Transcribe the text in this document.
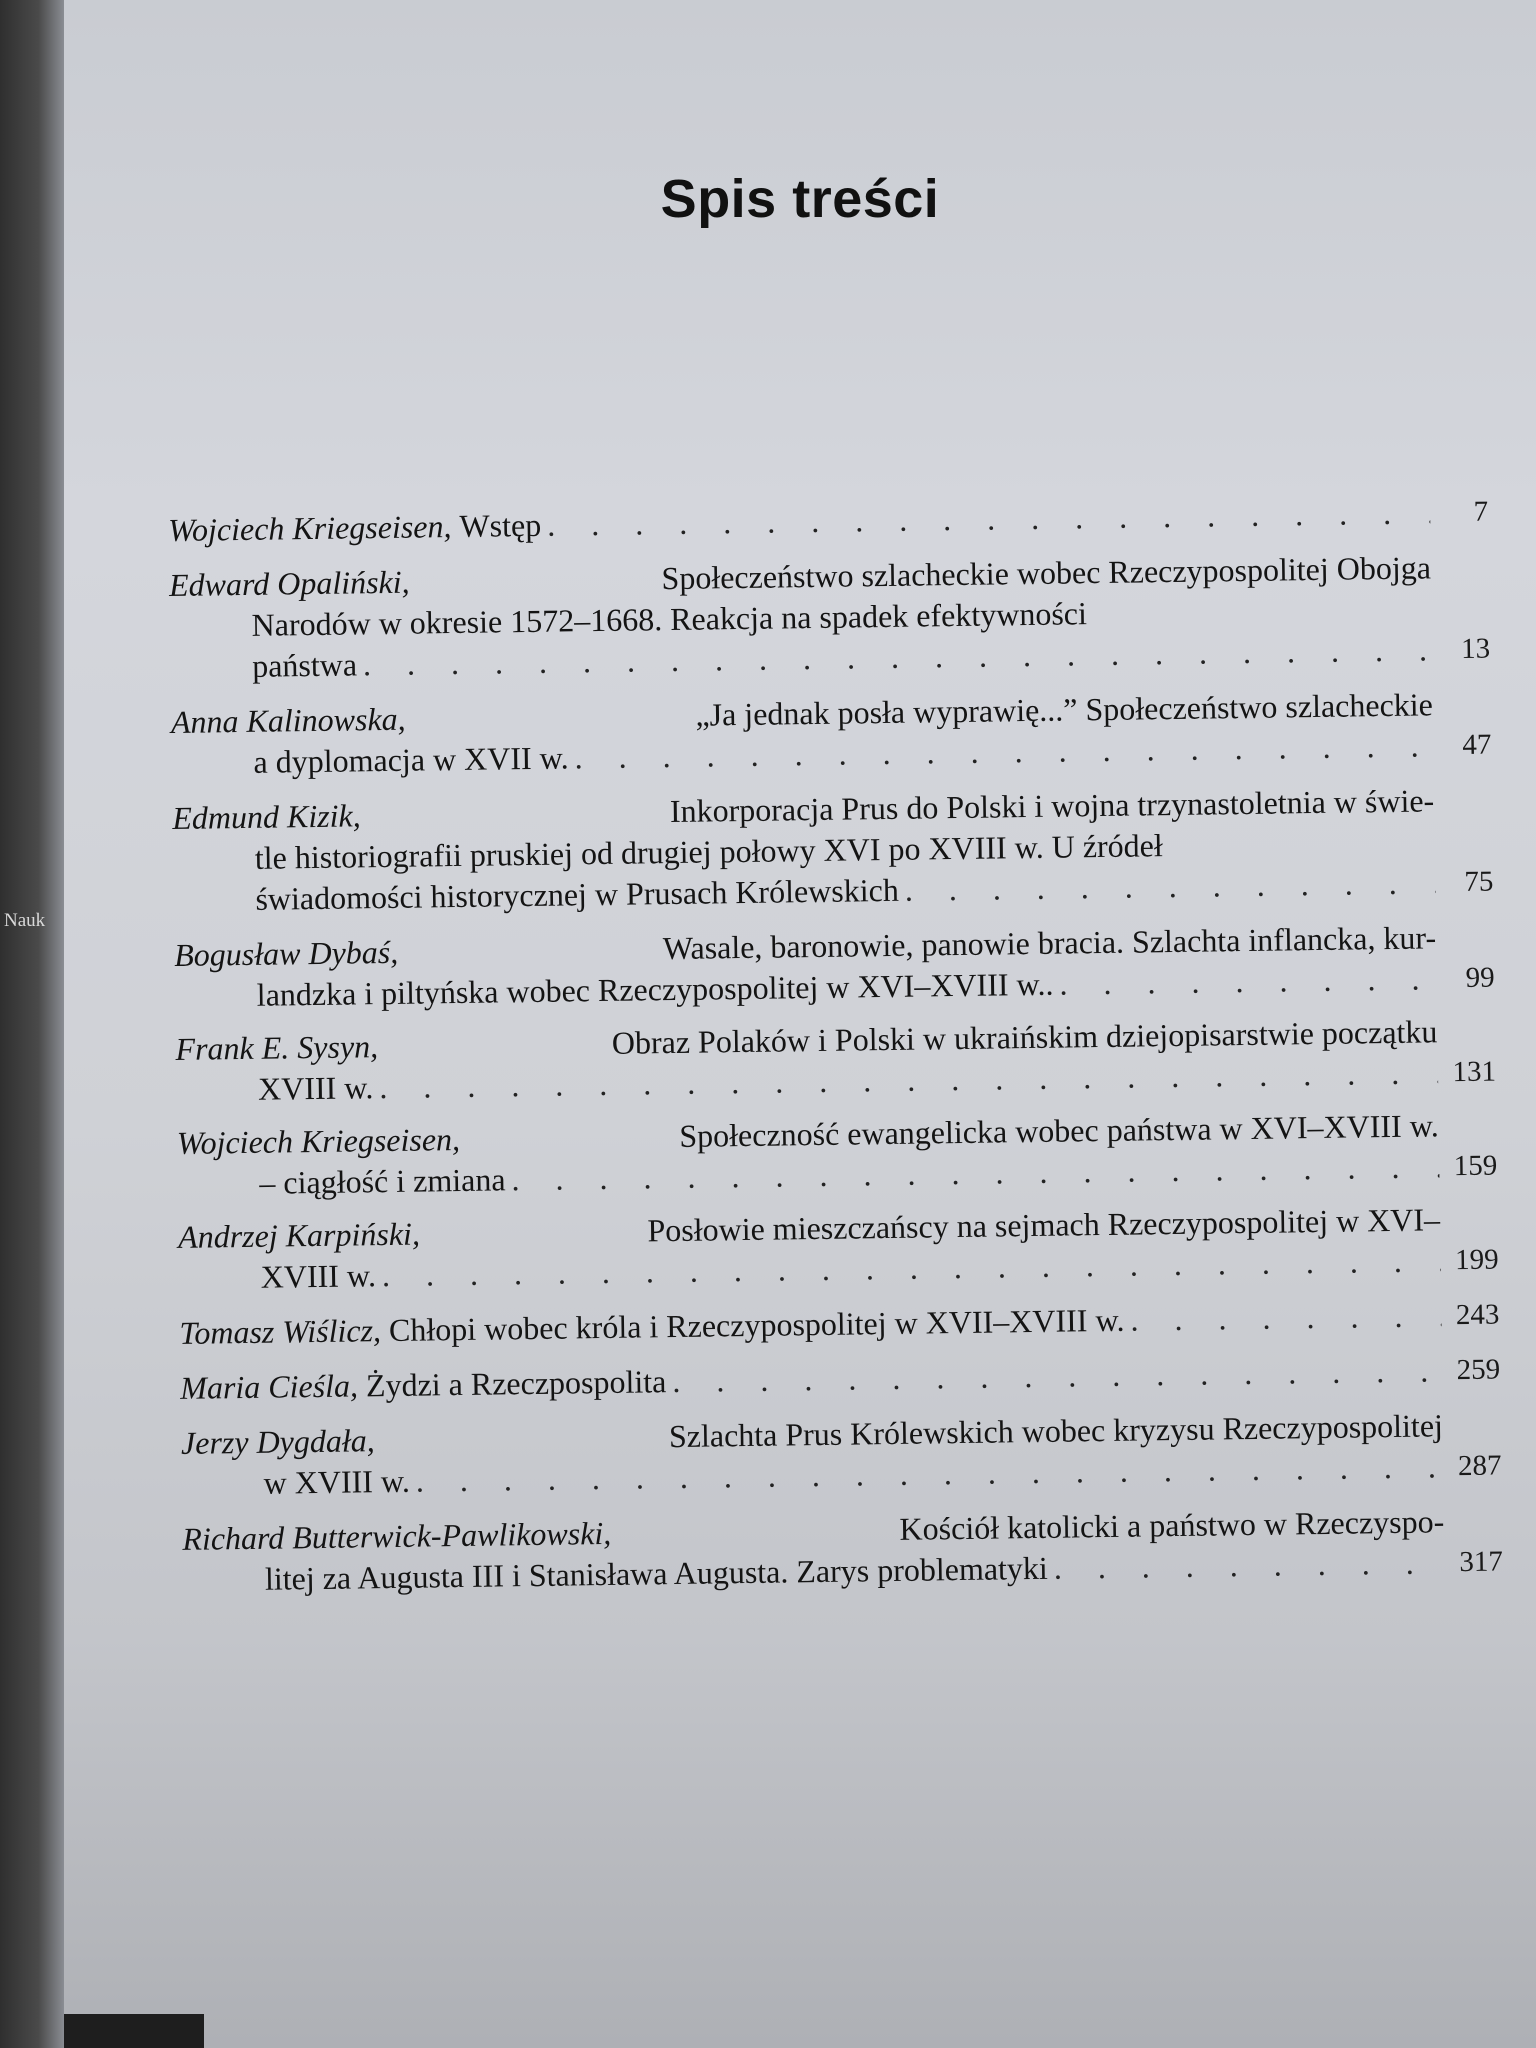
Nauk
Spis treści
Wojciech Kriegseisen,
Wstęp . . .	7
Edward Opaliński,
	Społeczeństwo szlacheckie wobec Rzeczypospolitej Obojga
Narodów w okresie 1572–1668. Reakcja na spadek efektywności
państwa . . .	13
Anna Kalinowska,
	„Ja jednak posła wyprawię...” Społeczeństwo szlacheckie
a dyplomacja w XVII w. . . .	47
Edmund Kizik,
	Inkorporacja Prus do Polski i wojna trzynastoletnia w świe-
tle historiografii pruskiej od drugiej połowy XVI po XVIII w. U źródeł
świadomości historycznej w Prusach Królewskich . . .	75
Bogusław Dybaś,
	Wasale, baronowie, panowie bracia. Szlachta inflancka, kur-
landzka i piltyńska wobec Rzeczypospolitej w XVI–XVIII w.. . . .	99
Frank E. Sysyn,
	Obraz Polaków i Polski w ukraińskim dziejopisarstwie początku
XVIII w. . . .	131
Wojciech Kriegseisen,
	Społeczność ewangelicka wobec państwa w XVI–XVIII w.
– ciągłość i zmiana . . .	159
Andrzej Karpiński,
	Posłowie mieszczańscy na sejmach Rzeczypospolitej w XVI–
XVIII w. . . .	199
Tomasz Wiślicz,
Chłopi wobec króla i Rzeczypospolitej w XVII–XVIII w. . . .	243
Maria Cieśla,
Żydzi a Rzeczpospolita . . .	259
Jerzy Dygdała,
	Szlachta Prus Królewskich wobec kryzysu Rzeczypospolitej
w XVIII w. . . .	287
Richard Butterwick-Pawlikowski,
	Kościół katolicki a państwo w Rzeczyspo-
litej za Augusta III i Stanisława Augusta. Zarys problematyki . . .	317
